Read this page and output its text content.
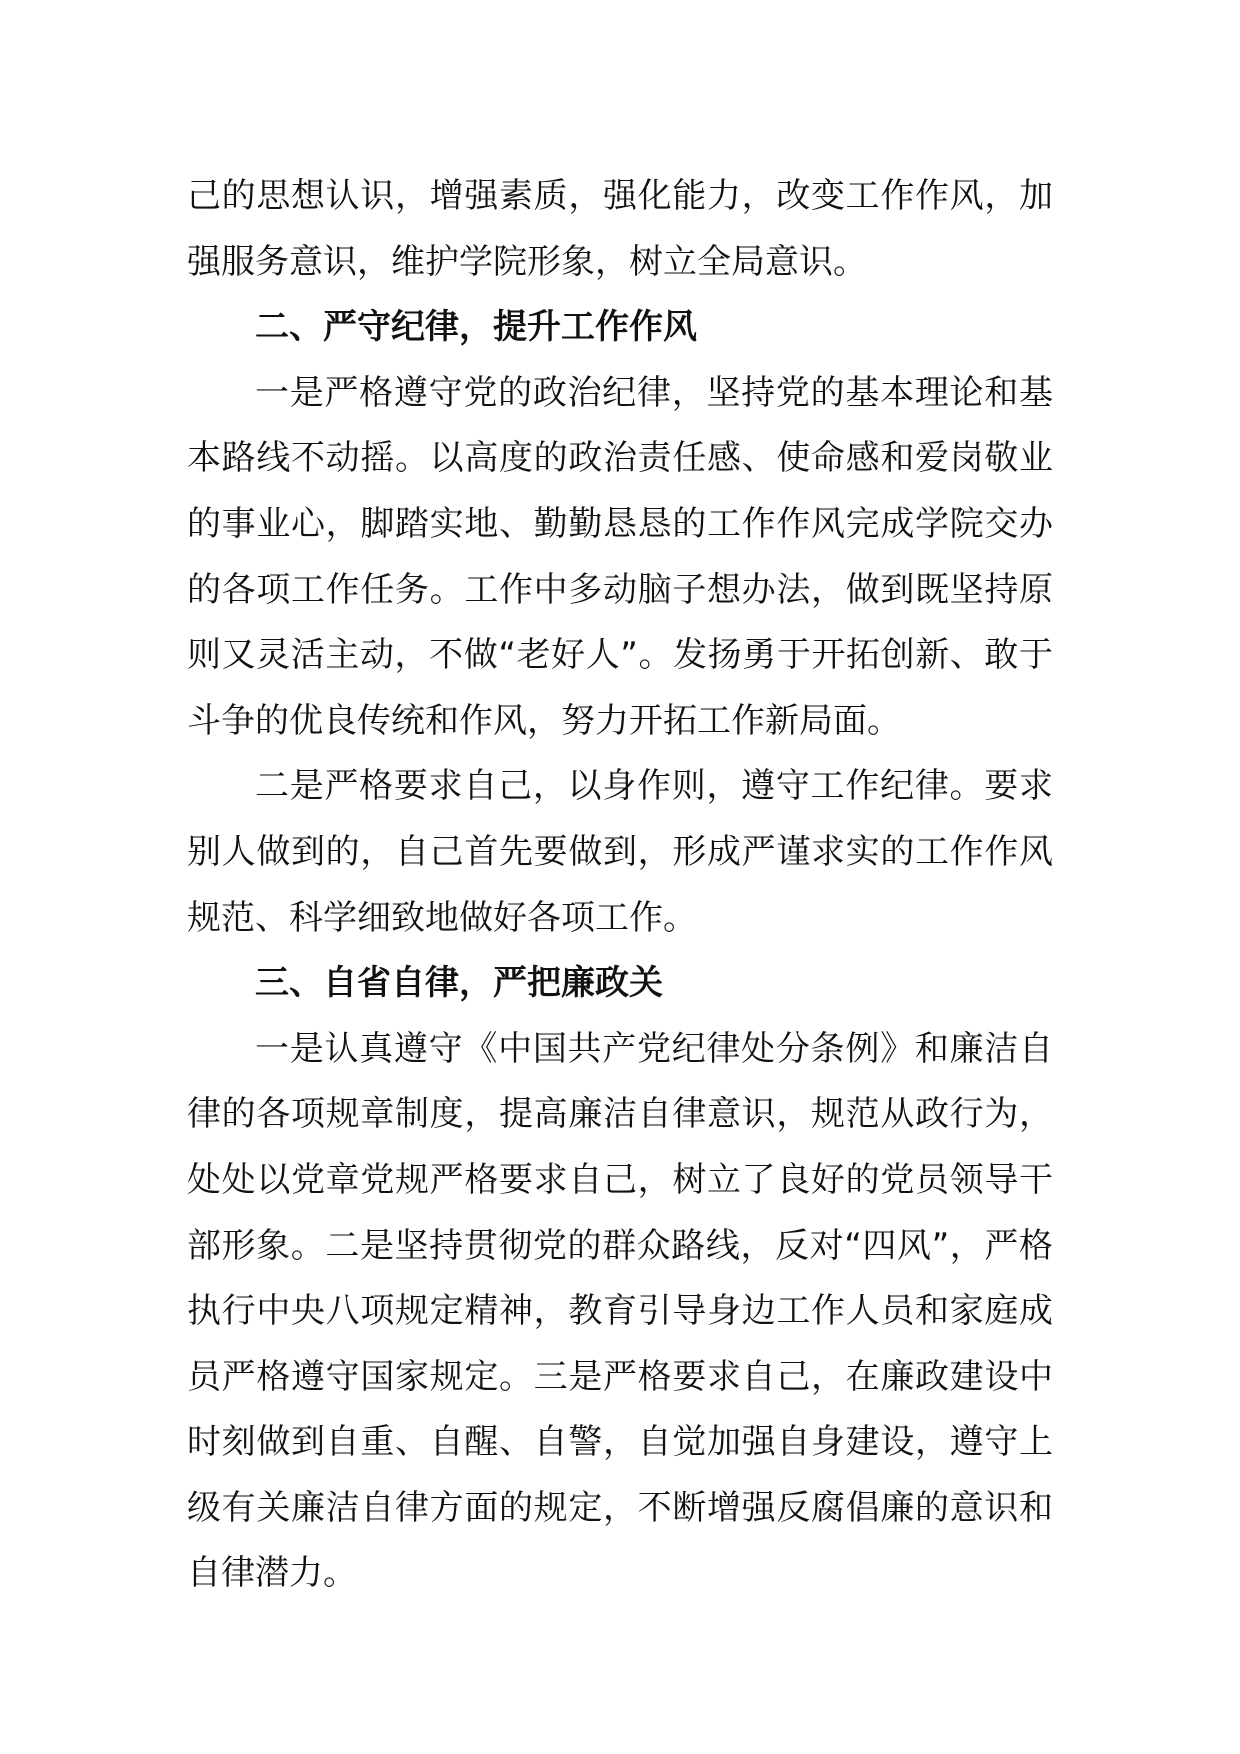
己的思想认识，增强素质，强化能力，改变工作作风，加强服务意识，维护学院形象，树立全局意识。

二、严守纪律，提升工作作风

一是严格遵守党的政治纪律，坚持党的基本理论和基本路线不动摇。以高度的政治责任感、使命感和爱岗敬业的事业心，脚踏实地、勤勤恳恳的工作作风完成学院交办的各项工作任务。工作中多动脑子想办法，做到既坚持原则又灵活主动，不做“老好人”。发扬勇于开拓创新、敢于斗争的优良传统和作风，努力开拓工作新局面。

二是严格要求自己，以身作则，遵守工作纪律。要求别人做到的，自己首先要做到，形成严谨求实的工作作风规范、科学细致地做好各项工作。

三、自省自律，严把廉政关

一是认真遵守《中国共产党纪律处分条例》和廉洁自律的各项规章制度，提高廉洁自律意识，规范从政行为，处处以党章党规严格要求自己，树立了良好的党员领导干部形象。二是坚持贯彻党的群众路线，反对“四风”，严格执行中央八项规定精神，教育引导身边工作人员和家庭成员严格遵守国家规定。三是严格要求自己，在廉政建设中时刻做到自重、自醒、自警，自觉加强自身建设，遵守上级有关廉洁自律方面的规定，不断增强反腐倡廉的意识和自律潜力。
